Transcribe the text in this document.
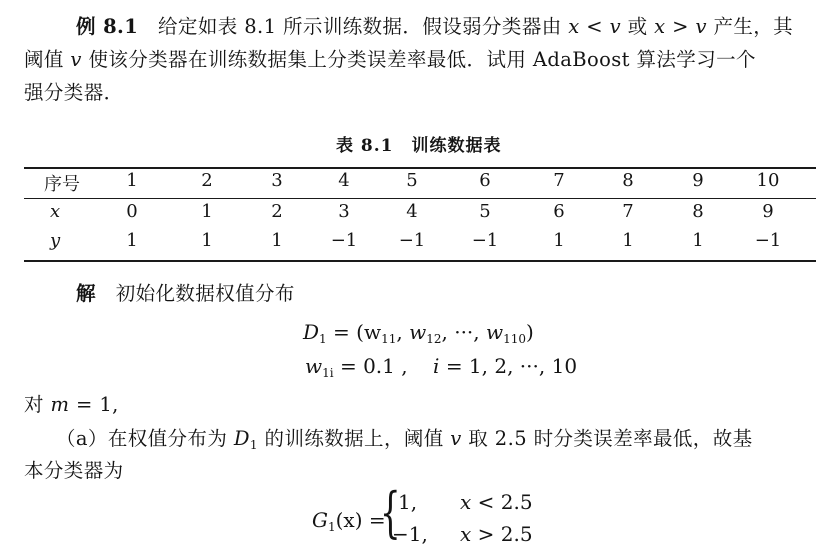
例 8.1 给定如表 8.1 所示训练数据．假设弱分类器由 x < v 或 x > v 产生，其
阈值 v 使该分类器在训练数据集上分类误差率最低．试用 AdaBoost 算法学习一个
强分类器．
表 8.1　训练数据表
序号	1	2	3	4	5	6	7	8	9	10
x	0	1	2	3	4	5	6	7	8	9
y	1	1	1	−1	−1	−1	1	1	1	−1
解 初始化数据权值分布
$D_1 = (w_{11}$, $w_{12}$, ···, $w_{110}$)
$w_{1i} = 0.1$ , i = 1, 2, ···, 10
对 m = 1,
（a）在权值分布为 $D_1$ 的训练数据上，阈值 v 取 2.5 时分类误差率最低，故基
本分类器为
$G_1(x)$ =
{
1, x < 2.5
−1, x > 2.5
